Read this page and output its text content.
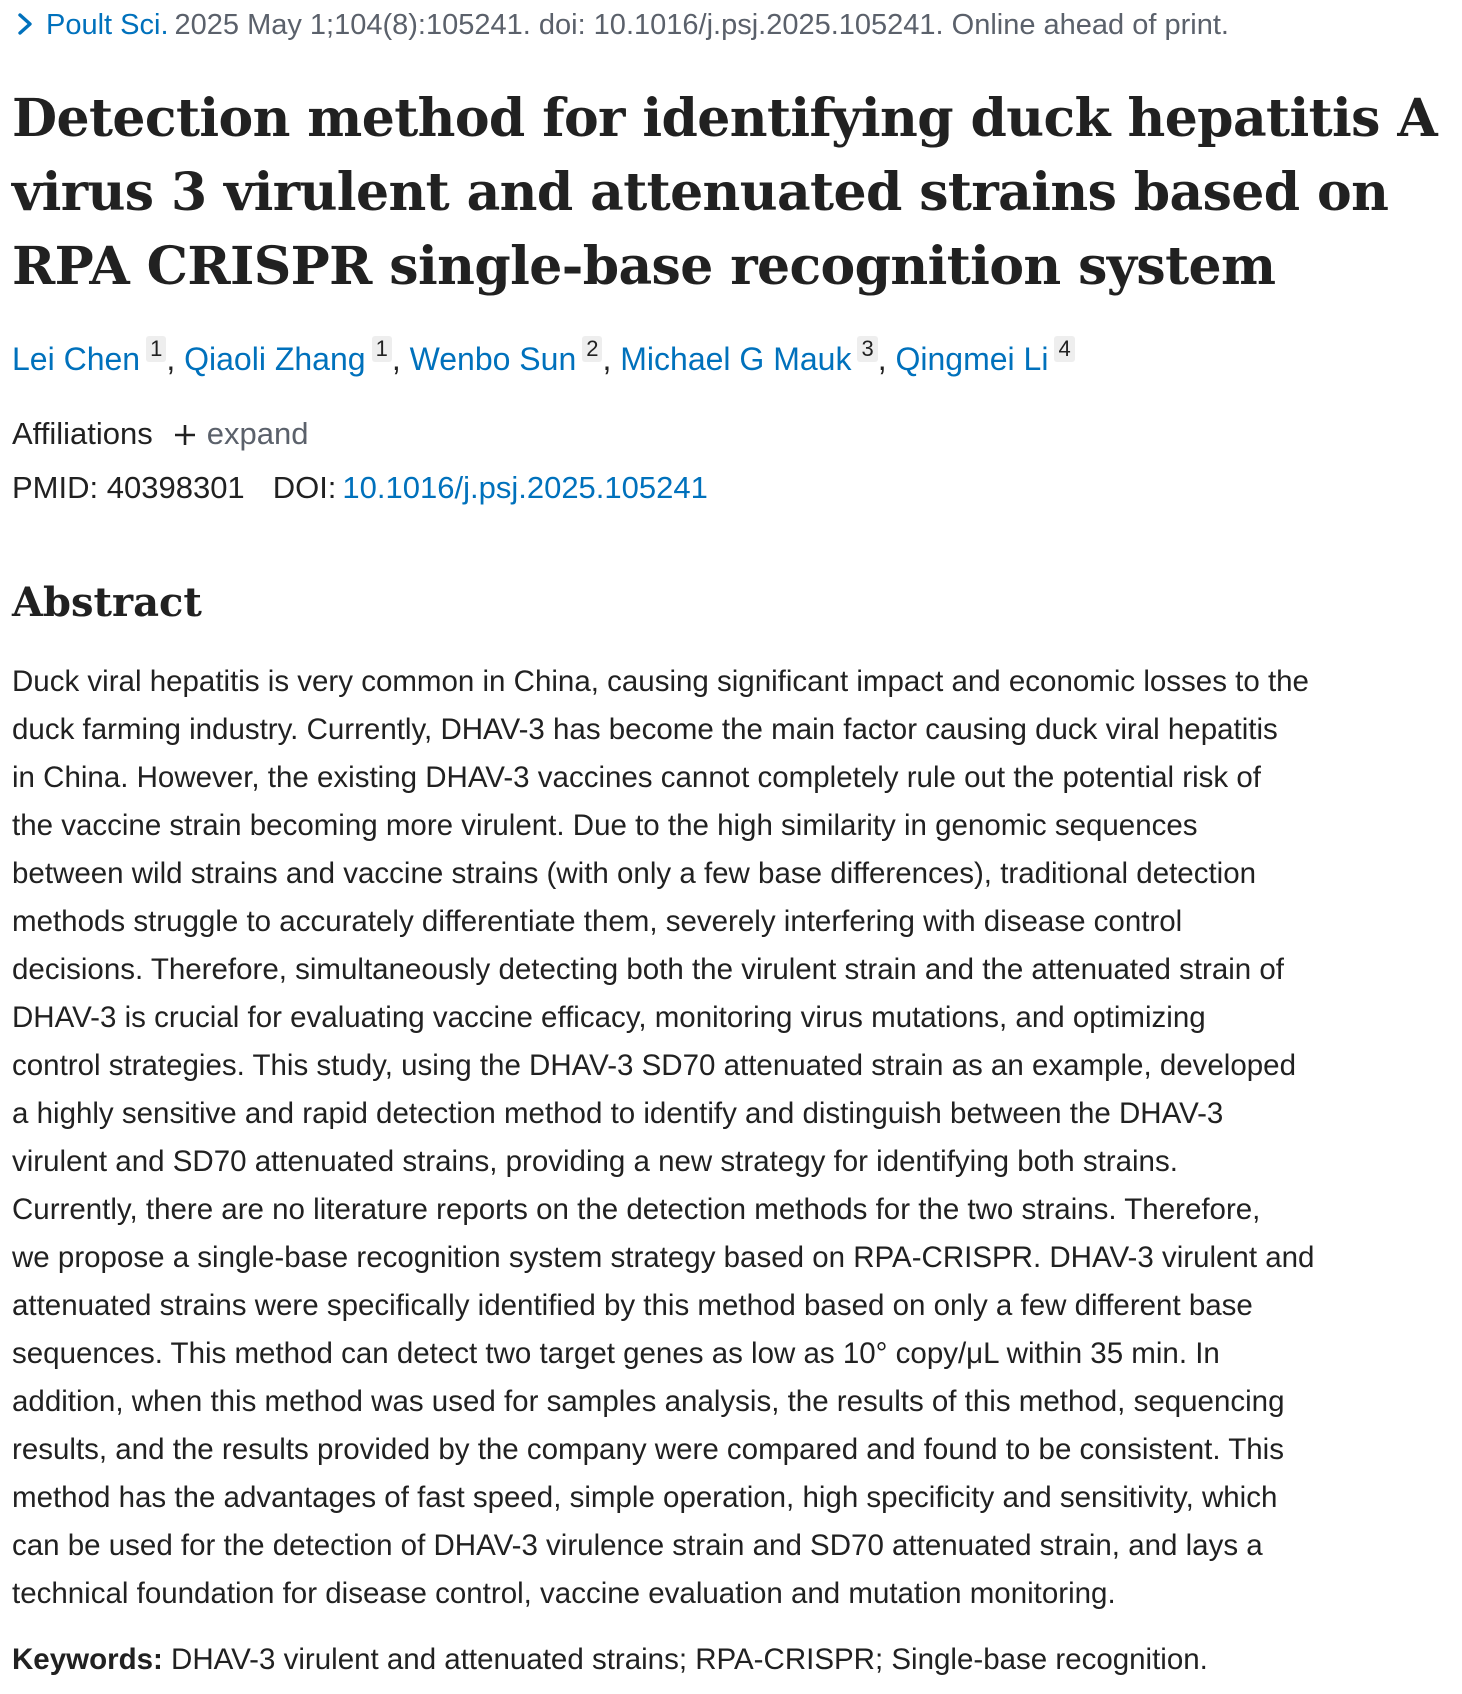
Poult Sci. 2025 May 1;104(8):105241. doi: 10.1016/j.psj.2025.105241. Online ahead of print.
Detection method for identifying duck hepatitis A virus 3 virulent and attenuated strains based on RPA CRISPR single-base recognition system
Lei Chen 1 , Qiaoli Zhang 1 , Wenbo Sun 2 , Michael G Mauk 3 , Qingmei Li 4
Affiliations expand
PMID: 40398301 DOI: 10.1016/j.psj.2025.105241
Abstract

Duck viral hepatitis is very common in China, causing significant impact and economic losses to the
duck farming industry. Currently, DHAV-3 has become the main factor causing duck viral hepatitis
in China. However, the existing DHAV-3 vaccines cannot completely rule out the potential risk of
the vaccine strain becoming more virulent. Due to the high similarity in genomic sequences
between wild strains and vaccine strains (with only a few base differences), traditional detection
methods struggle to accurately differentiate them, severely interfering with disease control
decisions. Therefore, simultaneously detecting both the virulent strain and the attenuated strain of
DHAV-3 is crucial for evaluating vaccine efficacy, monitoring virus mutations, and optimizing
control strategies. This study, using the DHAV-3 SD70 attenuated strain as an example, developed
a highly sensitive and rapid detection method to identify and distinguish between the DHAV-3
virulent and SD70 attenuated strains, providing a new strategy for identifying both strains.
Currently, there are no literature reports on the detection methods for the two strains. Therefore,
we propose a single-base recognition system strategy based on RPA-CRISPR. DHAV-3 virulent and
attenuated strains were specifically identified by this method based on only a few different base
sequences. This method can detect two target genes as low as 10° copy/μL within 35 min. In
addition, when this method was used for samples analysis, the results of this method, sequencing
results, and the results provided by the company were compared and found to be consistent. This
method has the advantages of fast speed, simple operation, high specificity and sensitivity, which
can be used for the detection of DHAV-3 virulence strain and SD70 attenuated strain, and lays a
technical foundation for disease control, vaccine evaluation and mutation monitoring.

Keywords: DHAV-3 virulent and attenuated strains; RPA-CRISPR; Single-base recognition.
